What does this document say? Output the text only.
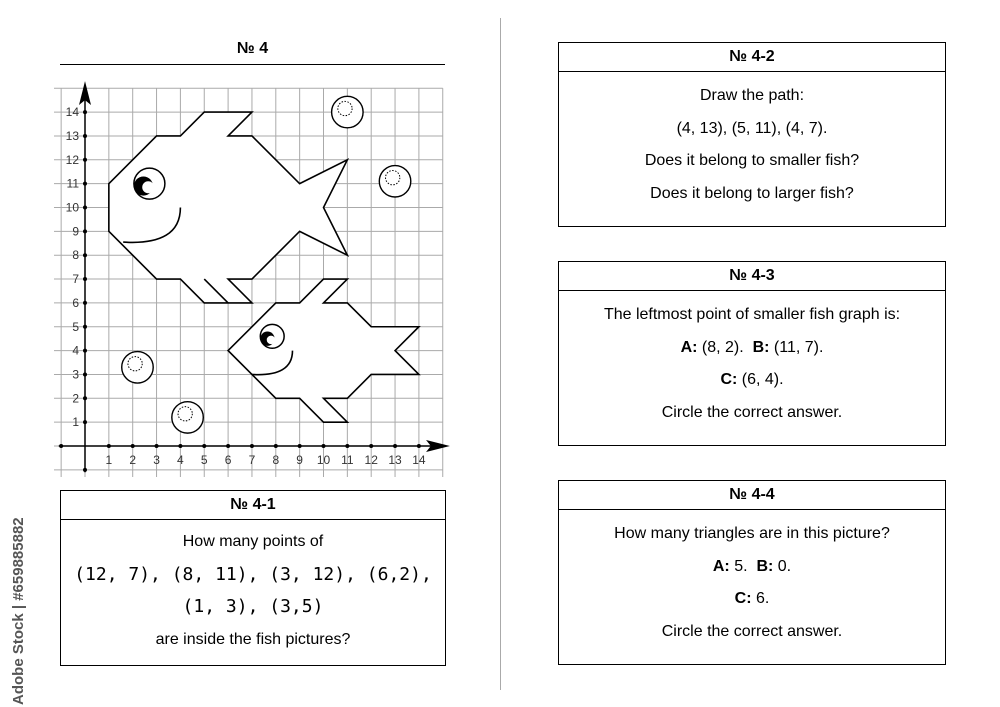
Adobe Stock | #659885882
№ 4
1 2 3 4 5 6 7 8 9 10 11 12 13 14
1
2
3
4
5
6
7
8
9
10
11
12
13
14
№ 4-1
How many points of
(12, 7), (8, 11), (3, 12), (6,2),
(1, 3), (3,5)
are inside the fish pictures?
№ 4-2
Draw the path:
(4, 13), (5, 11), (4, 7).
Does it belong to smaller fish?
Does it belong to larger fish?
№ 4-3
The leftmost point of smaller fish graph is:
A: (8, 2).  B: (11, 7).
C: (6, 4).
Circle the correct answer.
№ 4-4
How many triangles are in this picture?
A: 5.  B: 0.
C: 6.
Circle the correct answer.
